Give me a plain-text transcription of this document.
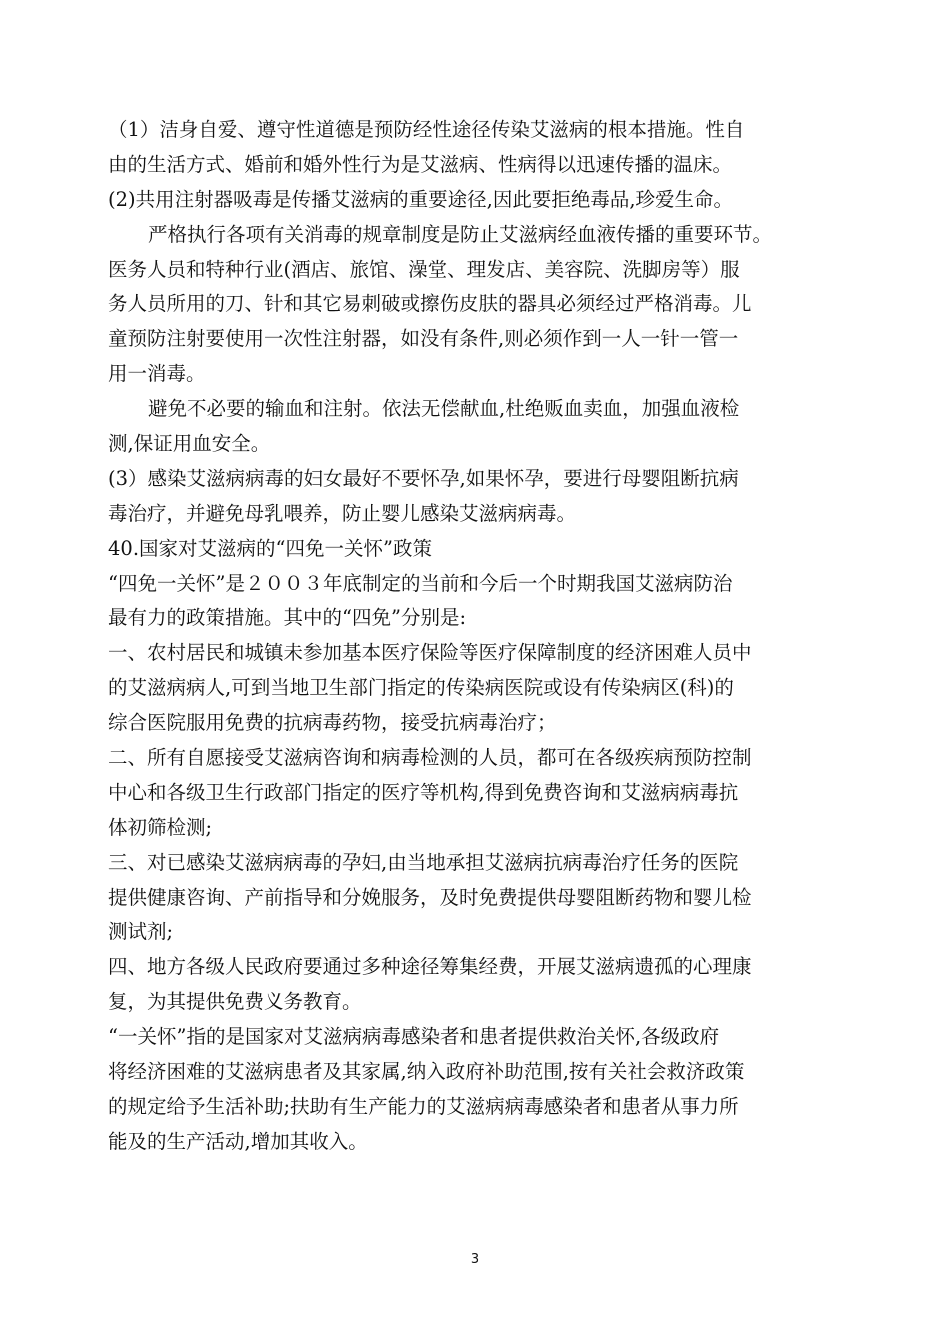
（1）洁身自爱、遵守性道德是预防经性途径传染艾滋病的根本措施。性自
由的生活方式、婚前和婚外性行为是艾滋病、性病得以迅速传播的温床。
(2)共用注射器吸毒是传播艾滋病的重要途径,因此要拒绝毒品,珍爱生命。
严格执行各项有关消毒的规章制度是防止艾滋病经血液传播的重要环节。
医务人员和特种行业(酒店、旅馆、澡堂、理发店、美容院、洗脚房等）服
务人员所用的刀、针和其它易刺破或擦伤皮肤的器具必须经过严格消毒。儿
童预防注射要使用一次性注射器，如没有条件,则必须作到一人一针一管一
用一消毒。
避免不必要的输血和注射。依法无偿献血,杜绝贩血卖血，加强血液检
测,保证用血安全。
(3）感染艾滋病病毒的妇女最好不要怀孕,如果怀孕，要进行母婴阻断抗病
毒治疗，并避免母乳喂养，防止婴儿感染艾滋病病毒。
40.国家对艾滋病的“四免一关怀”政策
“四免一关怀”是２００３年底制定的当前和今后一个时期我国艾滋病防治
最有力的政策措施。其中的“四免”分别是:
一、农村居民和城镇未参加基本医疗保险等医疗保障制度的经济困难人员中
的艾滋病病人,可到当地卫生部门指定的传染病医院或设有传染病区(科)的
综合医院服用免费的抗病毒药物，接受抗病毒治疗；
二、所有自愿接受艾滋病咨询和病毒检测的人员，都可在各级疾病预防控制
中心和各级卫生行政部门指定的医疗等机构,得到免费咨询和艾滋病病毒抗
体初筛检测;
三、对已感染艾滋病病毒的孕妇,由当地承担艾滋病抗病毒治疗任务的医院
提供健康咨询、产前指导和分娩服务，及时免费提供母婴阻断药物和婴儿检
测试剂;
四、地方各级人民政府要通过多种途径筹集经费，开展艾滋病遗孤的心理康
复，为其提供免费义务教育。
“一关怀”指的是国家对艾滋病病毒感染者和患者提供救治关怀,各级政府
将经济困难的艾滋病患者及其家属,纳入政府补助范围,按有关社会救济政策
的规定给予生活补助;扶助有生产能力的艾滋病病毒感染者和患者从事力所
能及的生产活动,增加其收入。
3
